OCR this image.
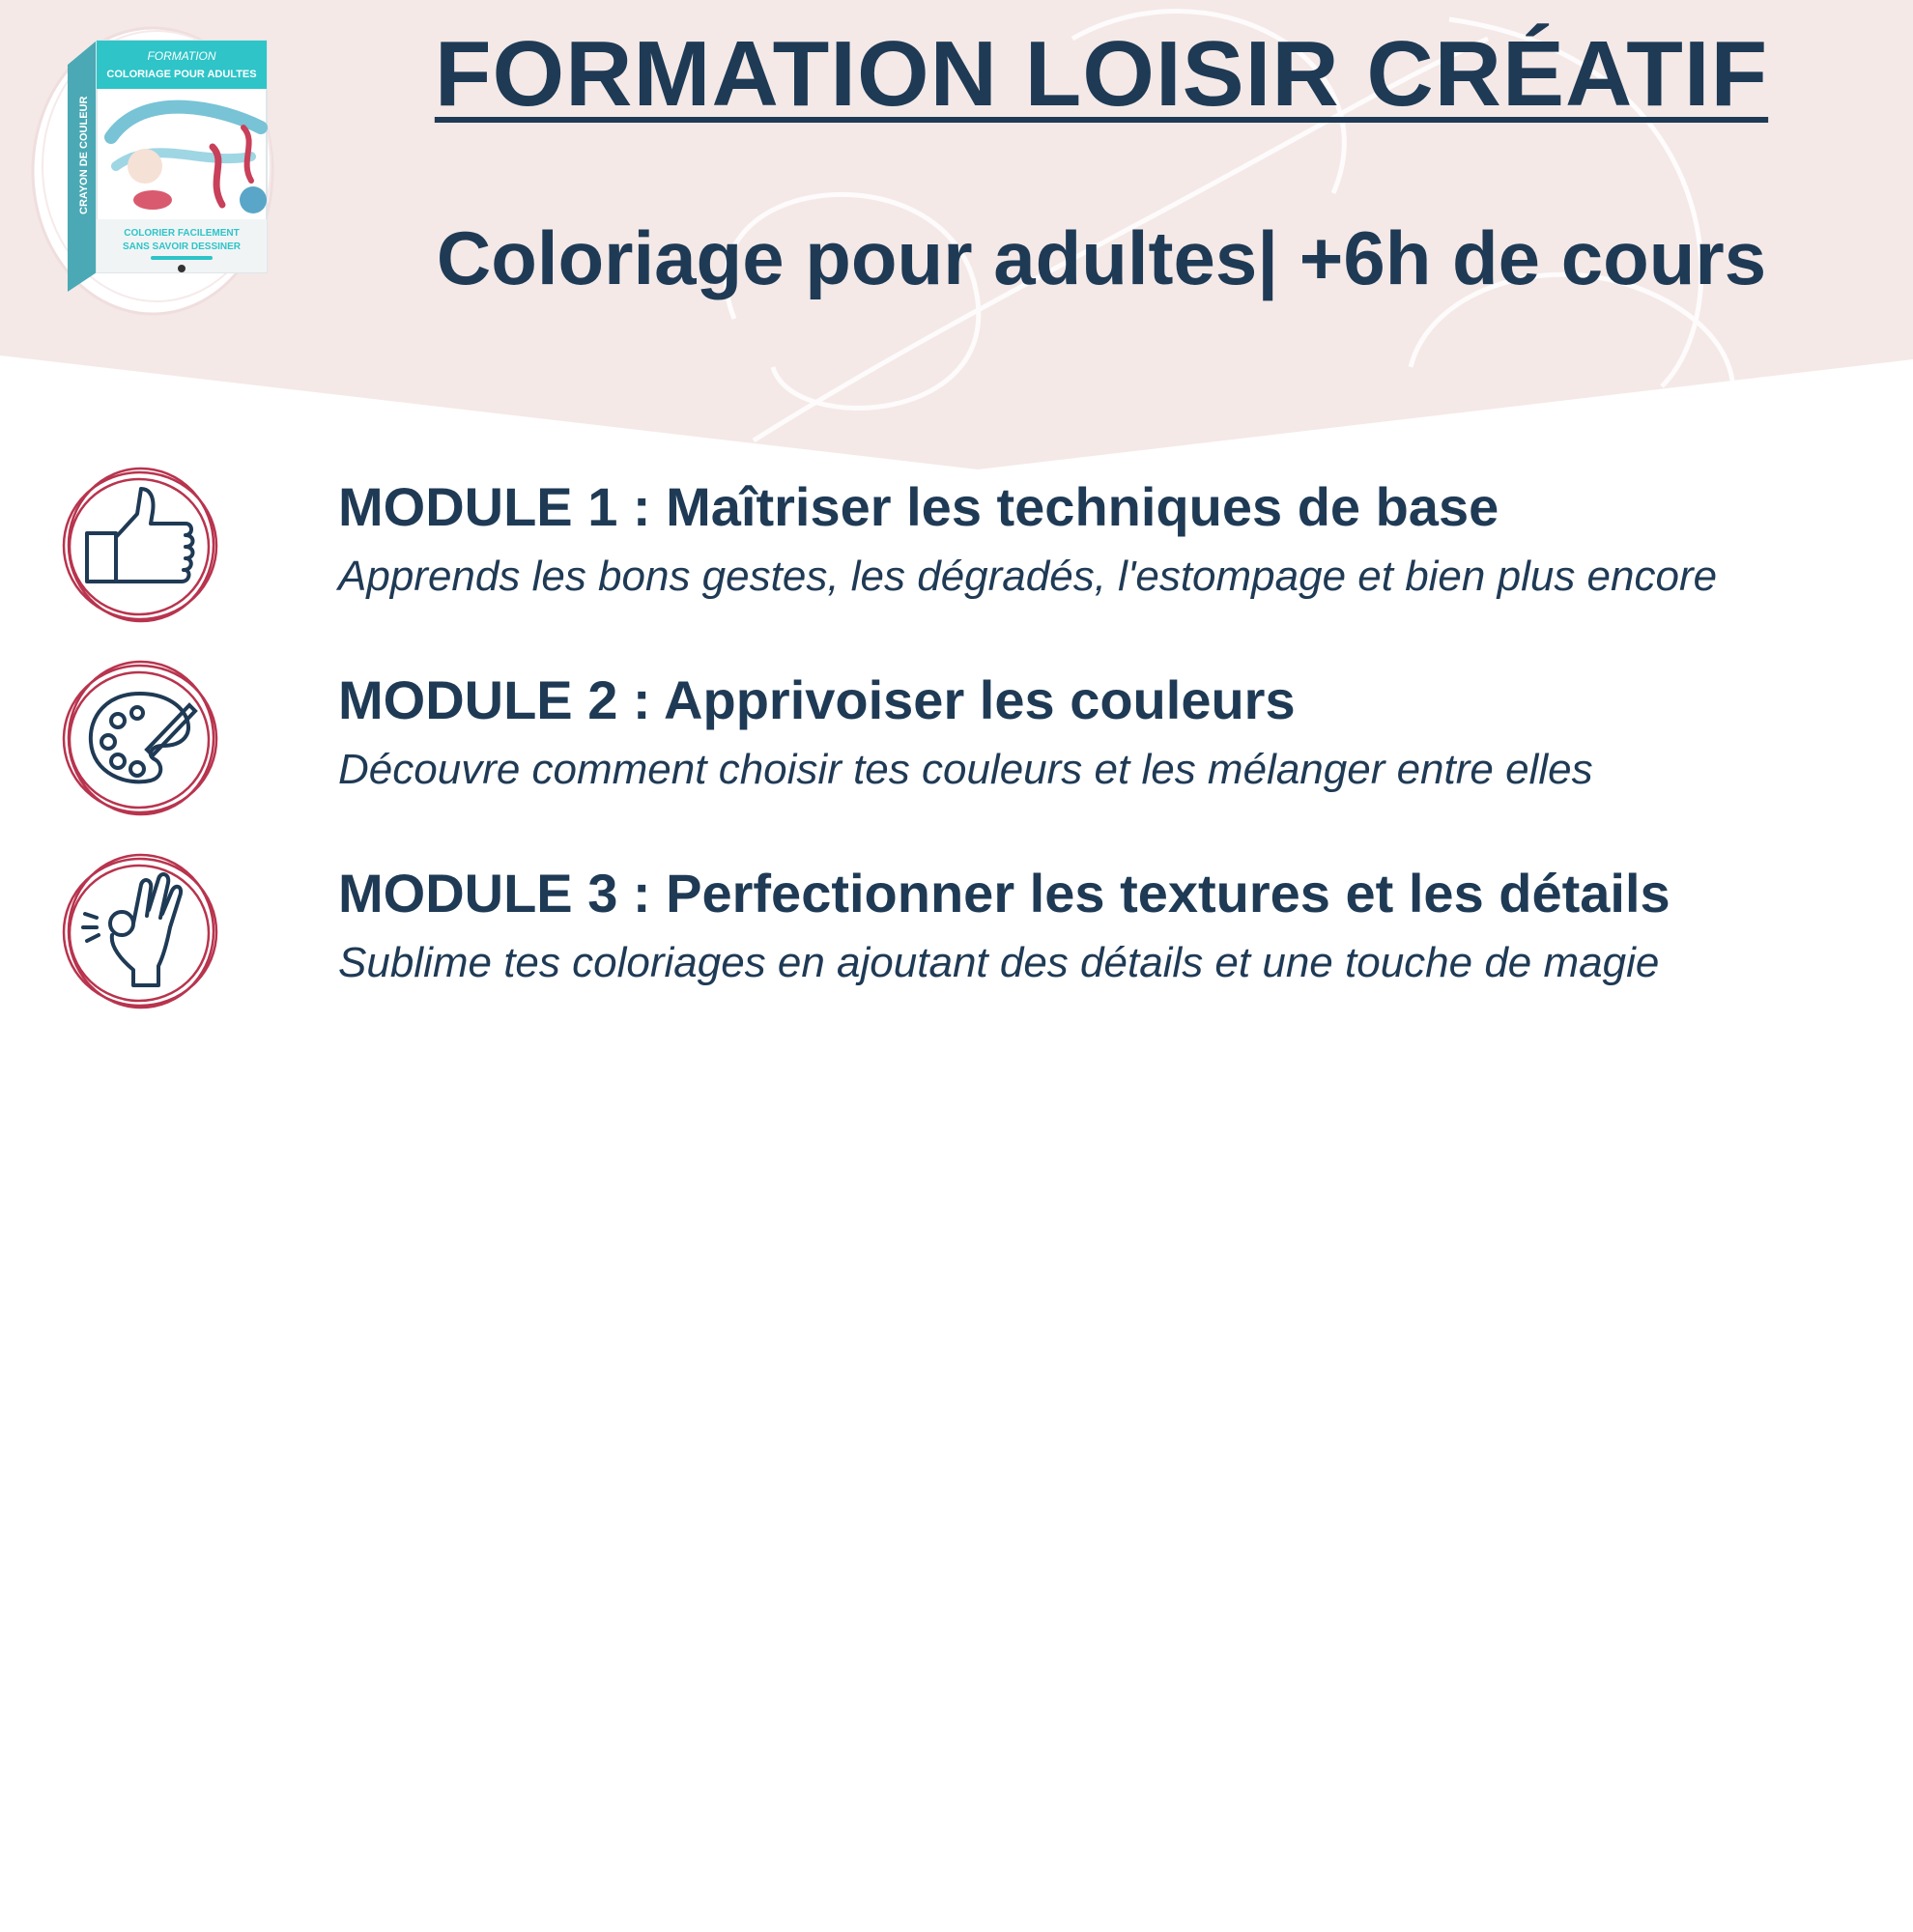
FORMATION
COLORIAGE POUR ADULTES
COLORIER FACILEMENT
SANS SAVOIR DESSINER
CRAYON DE COULEUR
FORMATION LOISIR CRÉATIF
Coloriage pour adultes| +6h de cours

MODULE 1 : Maîtriser les techniques de base

Apprends les bons gestes, les dégradés, l'estompage et bien plus encore

MODULE 2 : Apprivoiser les couleurs

Découvre comment choisir tes couleurs et les mélanger entre elles

MODULE 3 : Perfectionner les textures et les détails

Sublime tes coloriages en ajoutant des détails et une touche de magie
